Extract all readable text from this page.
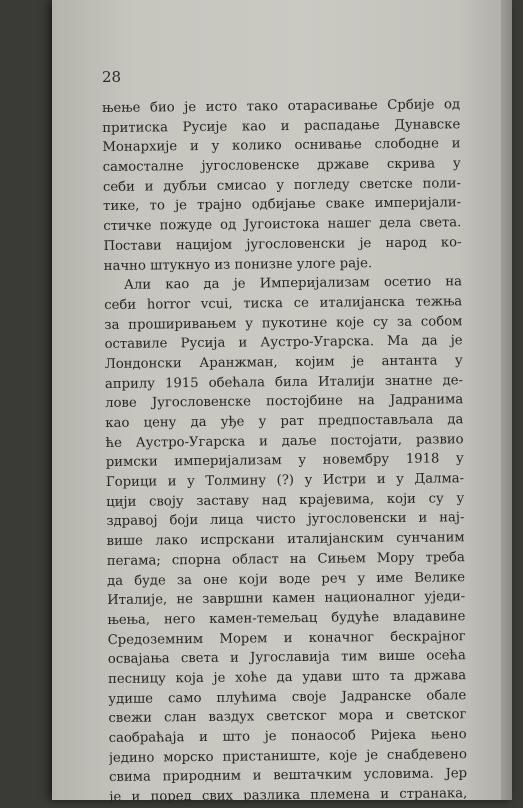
28
њење био је исто тако отарасивање Србије од
притиска Русије као и распадање Дунавске
Монархије и у колико оснивање слободне и
самосталне југословенске државе скрива у
себи и дубљи смисао у погледу светске поли-
тике, то је трајно одбијање сваке империјали-
стичке пожуде од Југоистока нашег дела света.
Постави нацијом југословенски је народ ко-
начно штукнуо из понизне улоге раје.
Али као да је Империјализам осетио на
себи horror vcui, тиска се италијанска тежња
за проширивањем у пукотине које су за собом
оставиле Русија и Аустро-Угарска. Ма да је
Лондонски Аранжман, којим је антанта у
априлу 1915 обећала била Италији знатне де-
лове Југословенске постојбине на Јадранима
као цену да уђе у рат предпостављала да
ће Аустро-Угарска и даље постојати, развио
римски империјализам у новембру 1918 у
Горици и у Толмину (?) у Истри и у Далма-
цији своју заставу над крајевима, који су у
здравој боји лица чисто југословенски и нај-
више лако испрскани италијанским сунчаним
пегама; спорна област на Сињем Мору треба
да буде за оне који воде реч у име Велике
Италије, не завршни камен националног уједи-
њења, него камен-темељац будуће владавине
Средоземним Морем и коначног бескрајног
освајања света и Југославија тим више осећа
песницу која је хоће да удави што та држава
удише само плућима своје Јадранске обале
свежи слан ваздух светског мора и светског
саобраћаја и што је понаособ Ријека њено
једино морско пристаниште, које је снабдевено
свима природним и вештачким условима. Јер
је и поред свих разлика племена и странака,
